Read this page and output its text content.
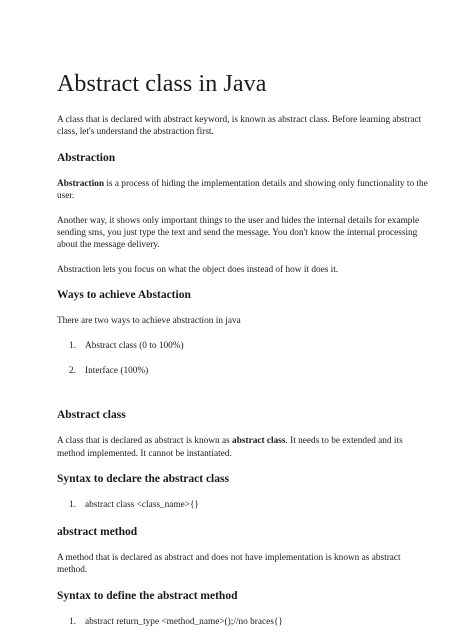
Abstract class in Java

A class that is declared with abstract keyword, is known as abstract class. Before learning abstract class, let's understand the abstraction first.

Abstraction

Abstraction is a process of hiding the implementation details and showing only functionality to the user.

Another way, it shows only important things to the user and hides the internal details for example sending sms, you just type the text and send the message. You don't know the internal processing about the message delivery.

Abstraction lets you focus on what the object does instead of how it does it.

Ways to achieve Abstaction

There are two ways to achieve abstraction in java

1. Abstract class (0 to 100%)
2. Interface (100%)
Abstract class

A class that is declared as abstract is known as abstract class. It needs to be extended and its method implemented. It cannot be instantiated.

Syntax to declare the abstract class
1. abstract class <class_name>{}
abstract method

A method that is declared as abstract and does not have implementation is known as abstract method.

Syntax to define the abstract method
1. abstract return_type <method_name>();//no braces{}
